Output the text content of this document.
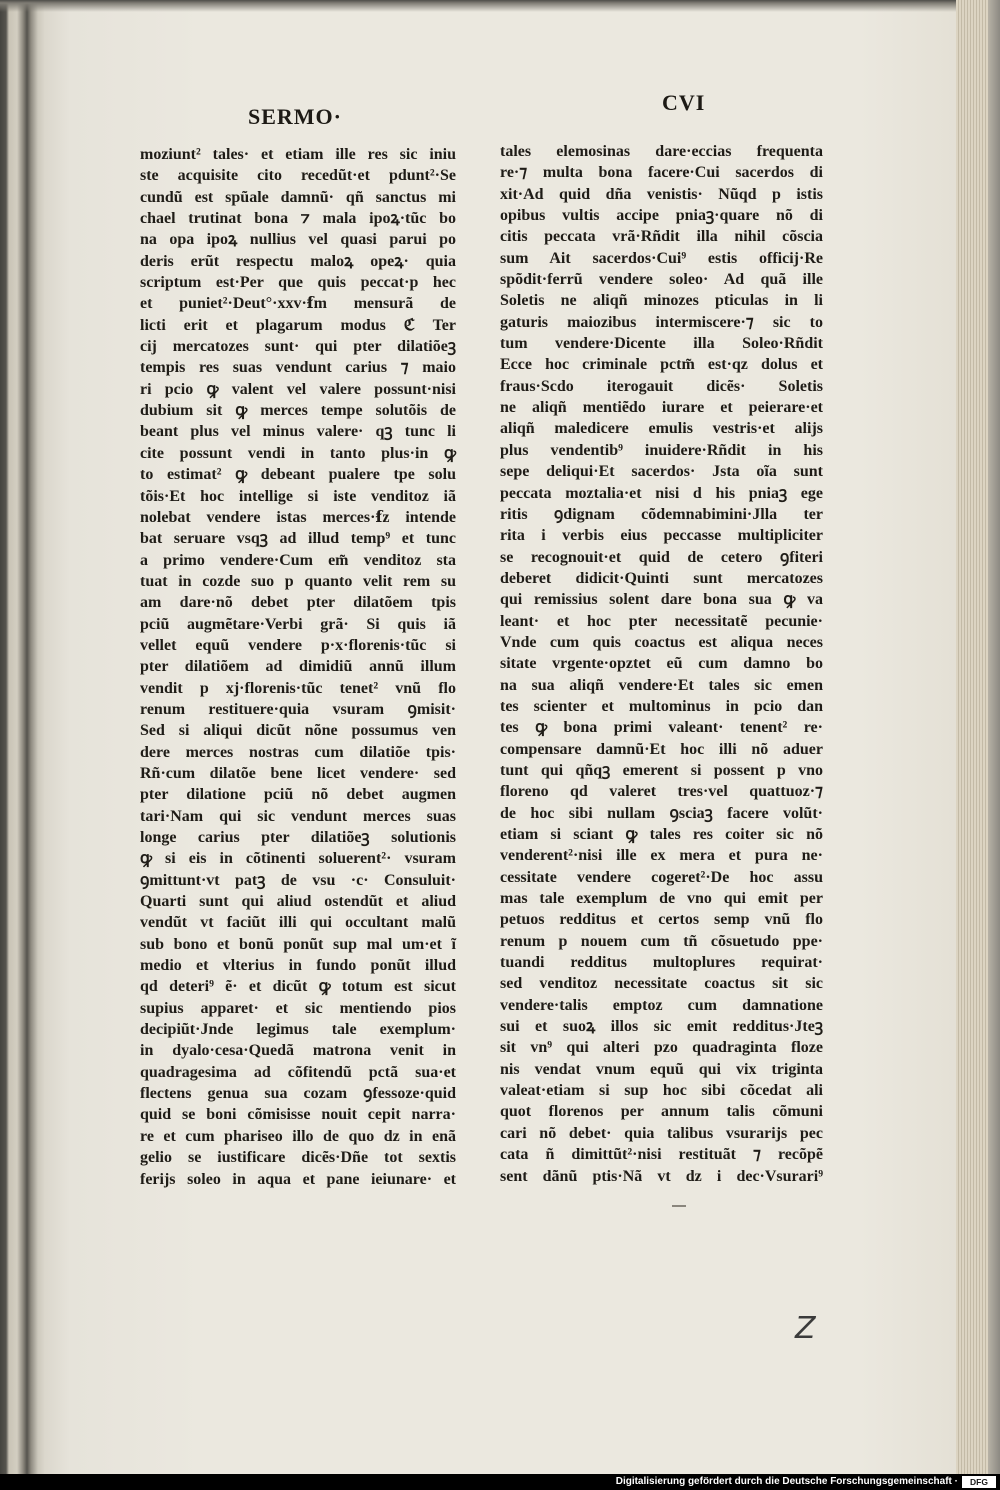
SERMO·
CVI
moziunt² tales· et etiam ille res sic iniu
ste acquisite cito recedũt·et pdunt²·Se
cundũ est spũale damnũ· qñ sanctus mi
chael trutinat bona ⁊ mala ipoꝝ·tũc bo
na opa ipoꝝ nullius vel quasi parui po
deris erũt respectu maloꝝ opeꝝ· quia
scriptum est·Per que quis peccat·p hec
et puniet²·Deut°·xxv·ẜm mensurã de
licti erit et plagarum modus ℭ Ter
cij mercatozes sunt· qui pter dilatiõeꝫ
tempis res suas vendunt carius ⁊ maio
ri pcio ꝙ valent vel valere possunt·nisi
dubium sit ꝙ merces tempe solutõis de
beant plus vel minus valere· qꝫ tunc li
cite possunt vendi in tanto plus·in ꝙ
to estimat² ꝙ debeant pualere tpe solu
tõis·Et hoc intellige si iste venditoz iã
nolebat vendere istas merces·ẜz intende
bat seruare vsqꝫ ad illud temp⁹ et tunc
a primo vendere·Cum em̃ venditoz sta
tuat in cozde suo p quanto velit rem su
am dare·nõ debet pter dilatõem tpis
pciũ augmẽtare·Verbi grã· Si quis iã
vellet equũ vendere p·x·florenis·tũc si
pter dilatiõem ad dimidiũ annũ illum
vendit p xj·florenis·tũc tenet² vnũ flo
renum restituere·quia vsuram ꝯmisit·
Sed si aliqui dicũt nõne possumus ven
dere merces nostras cum dilatiõe tpis·
Rñ·cum dilatõe bene licet vendere· sed
pter dilatione pciũ nõ debet augmen
tari·Nam qui sic vendunt merces suas
longe carius pter dilatiõeꝫ solutionis
ꝙ si eis in cõtinenti soluerent²· vsuram
ꝯmittunt·vt patꝫ de vsu ·c· Consuluit·
Quarti sunt qui aliud ostendũt et aliud
vendũt vt faciũt illi qui occultant malũ
sub bono et bonũ ponũt sup mal um·et ĩ
medio et vlterius in fundo ponũt illud
qd deteri⁹ ẽ· et dicũt ꝙ totum est sicut
supius apparet· et sic mentiendo pios
decipiũt·Jnde legimus tale exemplum·
in dyalo·cesa·Quedã matrona venit in
quadragesima ad cõfitendũ pctã sua·et
flectens genua sua cozam ꝯfessoze·quid
quid se boni cõmisisse nouit cepit narra·
re et cum phariseo illo de quo dz in enã
gelio se iustificare dicẽs·Dñe tot sextis
ferijs soleo in aqua et pane ieiunare· et
tales elemosinas dare·eccias frequenta
re·⁊ multa bona facere·Cui sacerdos di
xit·Ad quid dña venistis· Nũqd p istis
opibus vultis accipe pniaꝫ·quare nõ di
citis peccata vrã·Rñdit illa nihil cõscia
sum Ait sacerdos·Cui⁹ estis officij·Re
spõdit·ferrũ vendere soleo· Ad quã ille
Soletis ne aliqñ minozes pticulas in li
gaturis maiozibus intermiscere·⁊ sic to
tum vendere·Dicente illa Soleo·Rñdit
Ecce hoc criminale pctm̃ est·qz dolus et
fraus·Scdo iterogauit dicẽs· Soletis
ne aliqñ mentiẽdo iurare et peierare·et
aliqñ maledicere emulis vestris·et alijs
plus vendentib⁹ inuidere·Rñdit in his
sepe deliqui·Et sacerdos· Jsta oĩa sunt
peccata moztalia·et nisi d his pniaꝫ ege
ritis ꝯdignam cõdemnabimini·Jlla ter
rita i verbis eius peccasse multipliciter
se recognouit·et quid de cetero ꝯfiteri
deberet didicit·Quinti sunt mercatozes
qui remissius solent dare bona sua ꝙ va
leant· et hoc pter necessitatẽ pecunie·
Vnde cum quis coactus est aliqua neces
sitate vrgente·opztet eũ cum damno bo
na sua aliqñ vendere·Et tales sic emen
tes scienter et multominus in pcio dan
tes ꝙ bona primi valeant· tenent² re·
compensare damnũ·Et hoc illi nõ aduer
tunt qui qñqꝫ emerent si possent p vno
floreno qd valeret tres·vel quattuoz·⁊
de hoc sibi nullam ꝯsciaꝫ facere volũt·
etiam si sciant ꝙ tales res coiter sic nõ
venderent²·nisi ille ex mera et pura ne·
cessitate vendere cogeret²·De hoc assu
mas tale exemplum de vno qui emit per
petuos redditus et certos semp vnũ flo
renum p nouem cum tñ cõsuetudo ppe·
tuandi redditus multoplures requirat·
sed venditoz necessitate coactus sit sic
vendere·talis emptoz cum damnatione
sui et suoꝝ illos sic emit redditus·Jteꝫ
sit vn⁹ qui alteri pzo quadraginta floze
nis vendat vnum equũ qui vix triginta
valeat·etiam si sup hoc sibi cõcedat ali
quot florenos per annum talis cõmuni
cari nõ debet· quia talibus vsurarijs pec
cata ñ dimittũt²·nisi restituãt ⁊ recõpẽ
sent dãnũ ptis·Nã vt dz i dec·Vsurari⁹
Z
Digitalisierung gefördert durch die Deutsche Forschungsgemeinschaft ·	DFG
